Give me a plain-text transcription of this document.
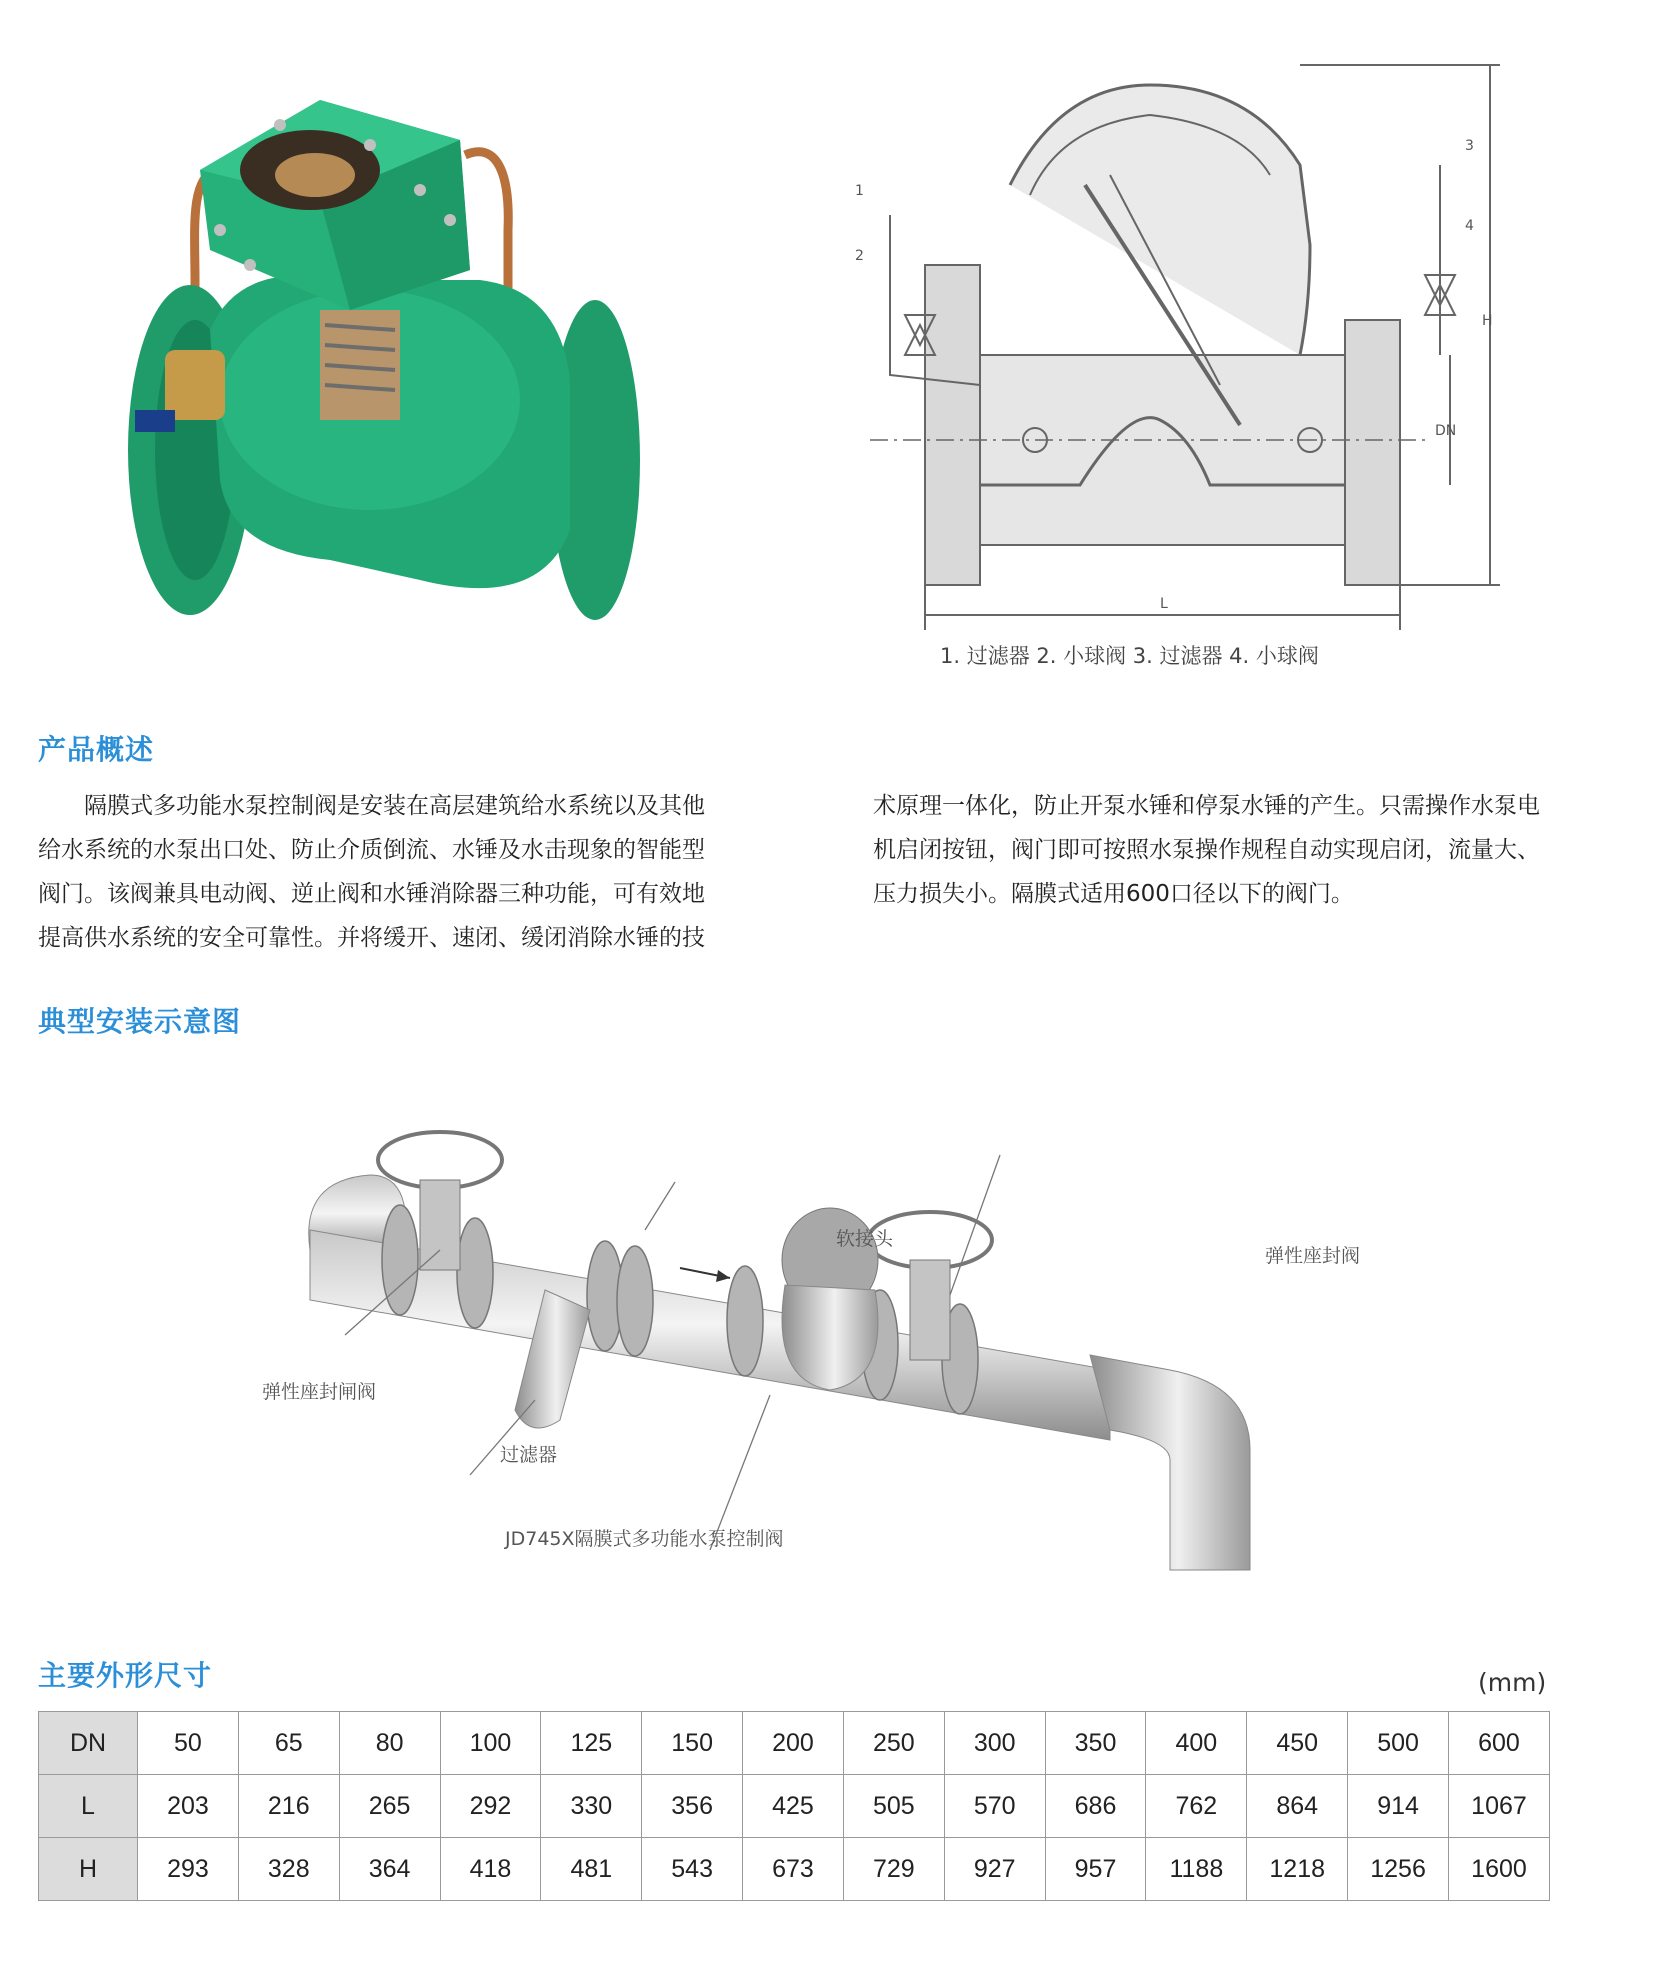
1
2
3
4
H
DN
L
1. 过滤器 2. 小球阀 3. 过滤器 4. 小球阀
产品概述

　　隔膜式多功能水泵控制阀是安装在高层建筑给水系统以及其他

给水系统的水泵出口处、防止介质倒流、水锤及水击现象的智能型

阀门。该阀兼具电动阀、逆止阀和水锤消除器三种功能，可有效地

提高供水系统的安全可靠性。并将缓开、速闭、缓闭消除水锤的技

术原理一体化，防止开泵水锤和停泵水锤的产生。只需操作水泵电

机启闭按钮，阀门即可按照水泵操作规程自动实现启闭，流量大、

压力损失小。隔膜式适用600口径以下的阀门。

典型安装示意图
软接头
弹性座封阀
弹性座封闸阀
过滤器
JD745X隔膜式多功能水泵控制阀
主要外形尺寸	(mm)
DN	50	65	80	100	125	150	200	250	300	350	400	450	500	600
L	203	216	265	292	330	356	425	505	570	686	762	864	914	1067
H	293	328	364	418	481	543	673	729	927	957	1188	1218	1256	1600
